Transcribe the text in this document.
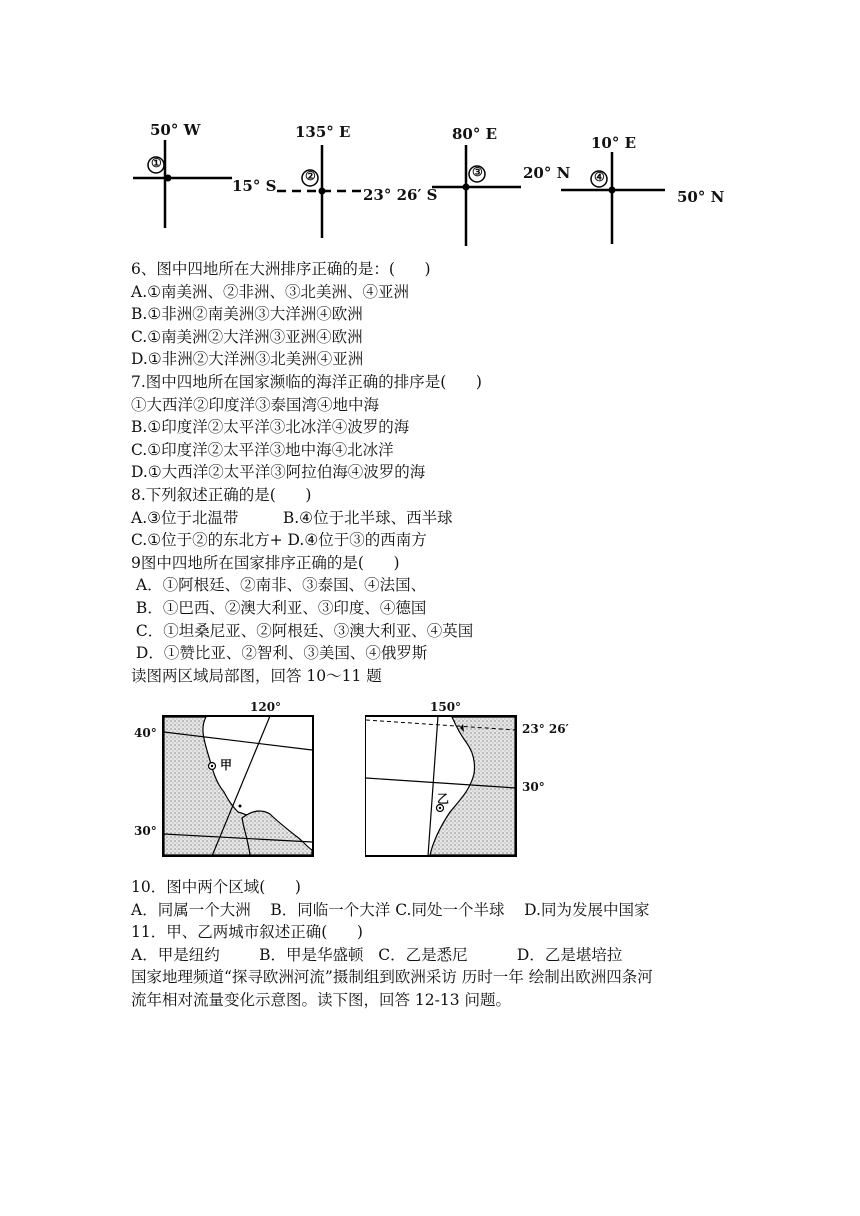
50° W
15° S
135° E
23° 26′ S
80° E
20° N
10° E
50° N
①
②	③	④
6、图中四地所在大洲排序正确的是：(      )
A.①南美洲、②非洲、③北美洲、④亚洲
B.①非洲②南美洲③大洋洲④欧洲
C.①南美洲②大洋洲③亚洲④欧洲
D.①非洲②大洋洲③北美洲④亚洲
7.图中四地所在国家濒临的海洋正确的排序是(      )
①大西洋②印度洋③泰国湾④地中海
B.①印度洋②太平洋③北冰洋④波罗的海
C.①印度洋②太平洋③地中海④北冰洋
D.①大西洋②太平洋③阿拉伯海④波罗的海
8.下列叙述正确的是(      )
A.③位于北温带         B.④位于北半球、西半球
C.①位于②的东北方+ D.④位于③的西南方
9图中四地所在国家排序正确的是(      )
A．①阿根廷、②南非、③泰国、④法国、
B．①巴西、②澳大利亚、③印度、④德国
C．①坦桑尼亚、②阿根廷、③澳大利亚、④英国
D．①赞比亚、②智利、③美国、④俄罗斯
读图两区域局部图，回答 10～11 题
120°
40°
30°
甲
150°
23° 26′
30°
乙
10．图中两个区域(      )
A．同属一个大洲    B．同临一个大洋 C.同处一个半球    D.同为发展中国家
11．甲、乙两城市叙述正确(      )
A．甲是纽约        B．甲是华盛顿   C．乙是悉尼          D．乙是堪培拉
国家地理频道“探寻欧洲河流”摄制组到欧洲采访 历时一年 绘制出欧洲四条河
流年相对流量变化示意图。读下图，回答 12-13 问题。
